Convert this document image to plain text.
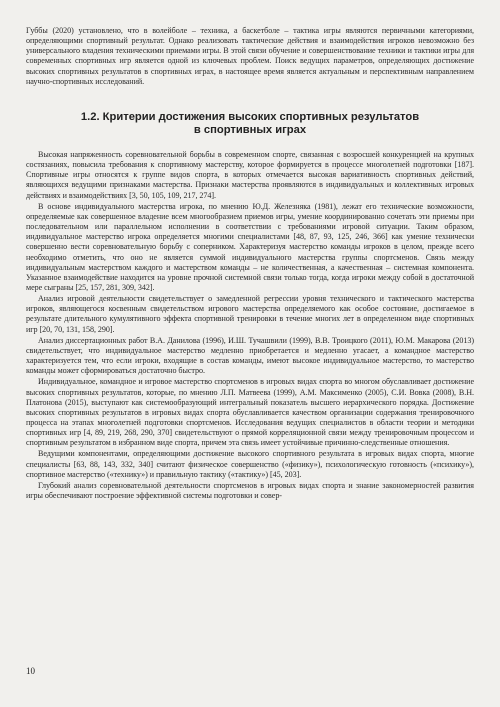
Губбы (2020) установлено, что в волейболе – техника, а баскетболе – тактика игры являются первичными категориями, определяющими спортивный результат. Однако реализовать тактические действия и взаимодействия игроков невозможно без универсального владения техническими приемами игры. В этой связи обучение и совершенствование техники и тактики игры для современных спортивных игр является одной из ключевых проблем. Поиск ведущих параметров, определяющих достижение высоких спортивных результатов в спортивных играх, в настоящее время является актуальным и перспективным направлением научно-спортивных исследований.

1.2. Критерии достижения высоких спортивных результатов
в спортивных играх

Высокая напряженность соревновательной борьбы в современном спорте, связанная с возросшей конкуренцией на крупных состязаниях, повысила требования к спортивному мастерству, которое формируется в процессе многолетней подготовки [187]. Спортивные игры относятся к группе видов спорта, в которых отмечается высокая вариативность спортивных действий, являющихся ведущими признаками мастерства. Признаки мастерства проявляются в индивидуальных и коллективных игровых действиях и взаимодействиях [3, 50, 105, 109, 217, 274].

В основе индивидуального мастерства игрока, по мнению Ю.Д. Железняка (1981), лежат его технические возможности, определяемые как совершенное владение всем многообразием приемов игры, умение координированно сочетать эти приемы при последовательном или параллельном исполнении в соответствии с требованиями игровой ситуации. Таким образом, индивидуальное мастерство игрока определяется многими специалистами [48, 87, 93, 125, 246, 366] как умение технически совершенно вести соревновательную борьбу с соперником. Характеризуя мастерство команды игроков в целом, прежде всего необходимо отметить, что оно не является суммой индивидуального мастерства группы спортсменов. Связь между индивидуальным мастерством каждого и мастерством команды – не количественная, а качественная – системная компонента. Указанное взаимодействие находится на уровне прочной системной связи только тогда, когда игроки между собой в достаточной мере сыграны [25, 157, 281, 309, 342].

Анализ игровой деятельности свидетельствует о замедленной регрессии уровня технического и тактического мастерства игроков, являющегося косвенным свидетельством игрового мастерства определяемого как особое состояние, достигаемое в результате длительного кумулятивного эффекта спортивной тренировки в течение многих лет в определенном виде спортивных игр [20, 70, 131, 158, 290].

Анализ диссертационных работ В.А. Данилова (1996), И.Ш. Тучашвили (1999), В.В. Троицкого (2011), Ю.М. Макарова (2013) свидетельствует, что индивидуальное мастерство медленно приобретается и медленно угасает, а командное мастерство характеризуется тем, что если игроки, входящие в состав команды, имеют высокое индивидуальное мастерство, то мастерство команды может сформироваться достаточно быстро.

Индивидуальное, командное и игровое мастерство спортсменов в игровых видах спорта во многом обуславливает достижение высоких спортивных результатов, которые, по мнению Л.П. Матвеева (1999), А.М. Максименко (2005), С.И. Вовка (2008), В.Н. Платонова (2015), выступают как системообразующий интегральный показатель высшего иерархического порядка. Достижение высоких спортивных результатов в игровых видах спорта обуславливается качеством организации содержания тренировочного процесса на этапах многолетней подготовки спортсменов. Исследования ведущих специалистов в области теории и методики спортивных игр [4, 89, 219, 268, 290, 370] свидетельствуют о прямой корреляционной связи между тренировочным процессом и спортивным результатом в избранном виде спорта, причем эта связь имеет устойчивые причинно-следственные отношения.

Ведущими компонентами, определяющими достижение высокого спортивного результата в игровых видах спорта, многие специалисты [63, 88, 143, 332, 340] считают физическое совершенство («физику»), психологическую готовность («психику»), спортивное мастерство («технику») и правильную тактику («тактику») [45, 203].

Глубокий анализ соревновательной деятельности спортсменов в игровых видах спорта и знание закономерностей развития игры обеспечивают построение эффективной системы подготовки и совер-

10
